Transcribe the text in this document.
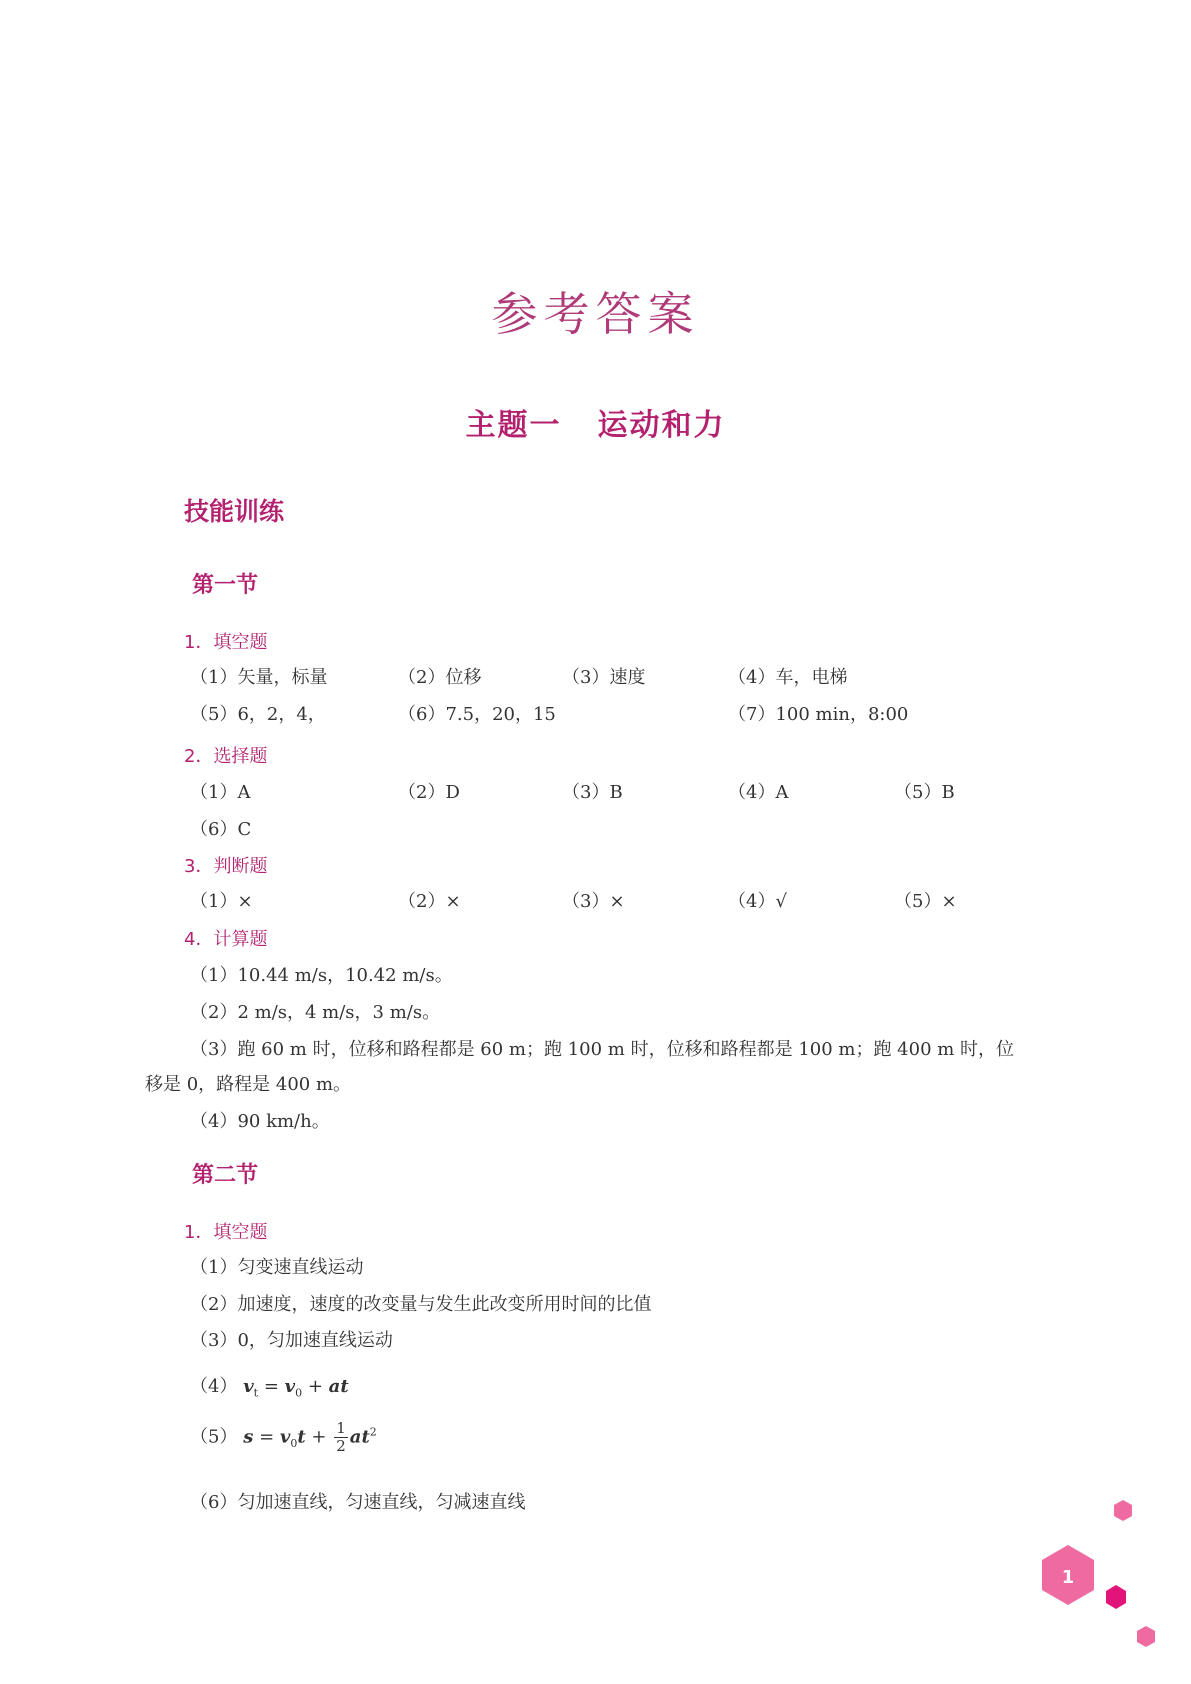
参考答案
主题一 运动和力
技能训练
第一节
1．填空题
（1）矢量，标量	（2）位移	（3）速度	（4）车，电梯
（5）6，2，4，	（6）7.5，20，15	（7）100 min，8:00
2．选择题
（1）A	（2）D	（3）B	（4）A	（5）B
（6）C
3．判断题
（1）×	（2）×	（3）×	（4）√	（5）×
4．计算题
（1）10.44 m/s，10.42 m/s。
（2）2 m/s，4 m/s，3 m/s。
（3）跑 60 m 时，位移和路程都是 60 m；跑 100 m 时，位移和路程都是 100 m；跑 400 m 时，位
移是 0，路程是 400 m。
（4）90 km/h。
第二节
1．填空题
（1）匀变速直线运动
（2）加速度，速度的改变量与发生此改变所用时间的比值
（3）0，匀加速直线运动
（4） $v_t = v_0$ + at
（5） $s = v_0t + \frac{1}{2} at^2$
（6）匀加速直线，匀速直线，匀减速直线
1
